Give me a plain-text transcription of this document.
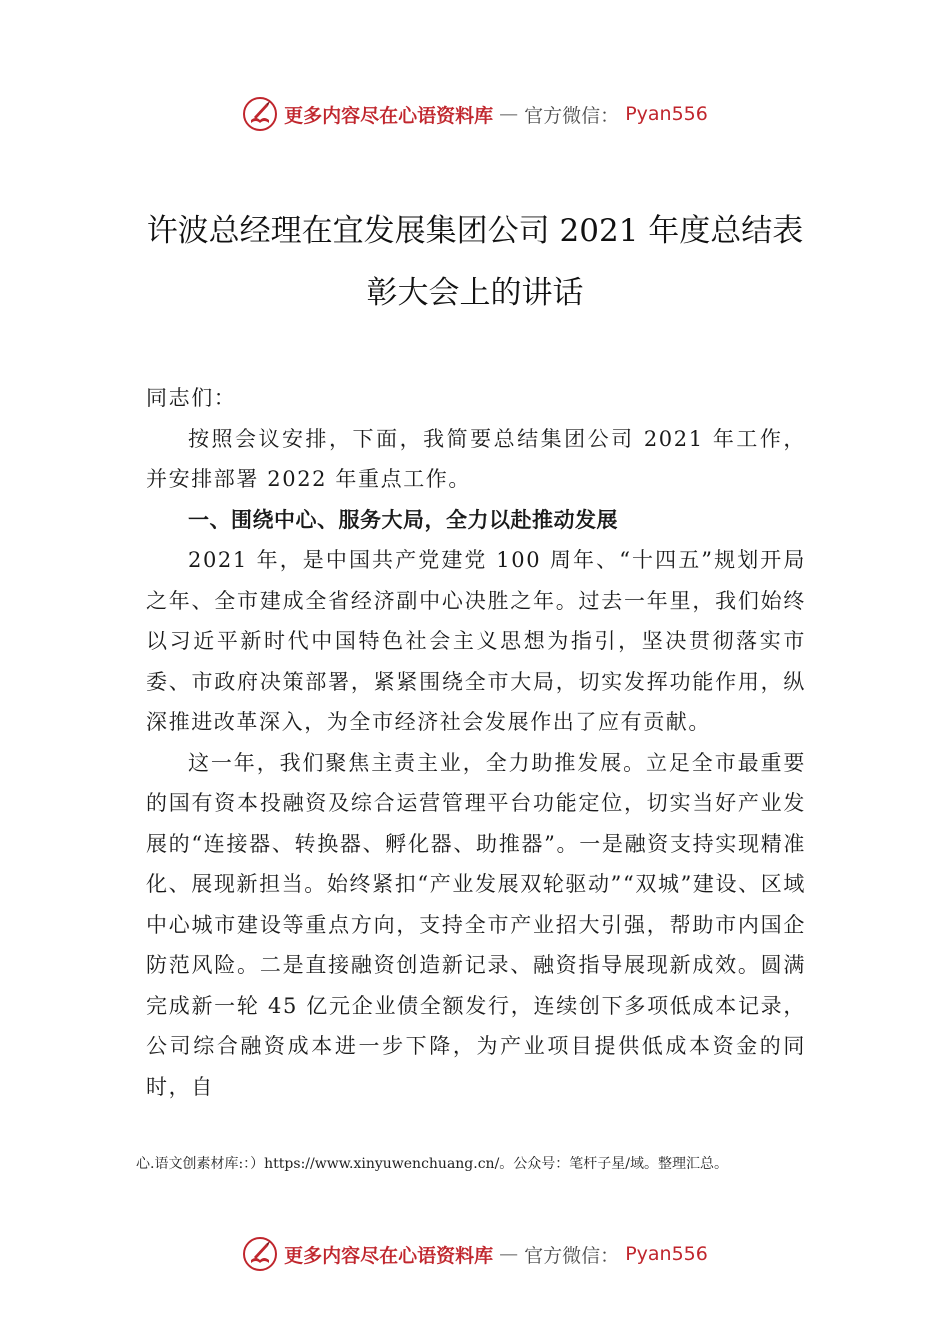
更多内容尽在心语资料库 — 官方微信： Pyan556
许波总经理在宜发展集团公司 2021 年度总结表彰大会上的讲话

同志们：

按照会议安排，下面，我简要总结集团公司 2021 年工作，并安排部署 2022 年重点工作。

一、围绕中心、服务大局，全力以赴推动发展

2021 年，是中国共产党建党 100 周年、“十四五”规划开局之年、全市建成全省经济副中心决胜之年。过去一年里，我们始终以习近平新时代中国特色社会主义思想为指引，坚决贯彻落实市委、市政府决策部署，紧紧围绕全市大局，切实发挥功能作用，纵深推进改革深入，为全市经济社会发展作出了应有贡献。

这一年，我们聚焦主责主业，全力助推发展。立足全市最重要的国有资本投融资及综合运营管理平台功能定位，切实当好产业发展的“连接器、转换器、孵化器、助推器”。一是融资支持实现精准化、展现新担当。始终紧扣“产业发展双轮驱动”“双城”建设、区域中心城市建设等重点方向，支持全市产业招大引强，帮助市内国企防范风险。二是直接融资创造新记录、融资指导展现新成效。圆满完成新一轮 45 亿元企业债全额发行，连续创下多项低成本记录，公司综合融资成本进一步下降，为产业项目提供低成本资金的同时，自

心.语文创素材库:：）https://www.xinyuwenchuang.cn/。公众号：笔杆子星/域。整理汇总。
更多内容尽在心语资料库 — 官方微信： Pyan556
